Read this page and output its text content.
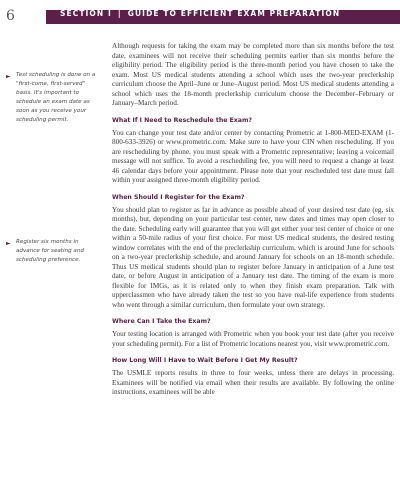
6	SECTION I | GUIDE TO EFFICIENT EXAM PREPARATION
► Test scheduling is done on a "first-come, first-served" basis. It's important to schedule an exam date as soon as you receive your scheduling permit.
► Register six months in advance for seating and scheduling preference.

Although requests for taking the exam may be completed more than six months before the test date, examinees will not receive their scheduling permits earlier than six months before the eligibility period. The eligibility period is the three-month period you have chosen to take the exam. Most US medical students attending a school which uses the two-year preclerkship curriculum choose the April–June or June–August period. Most US medical students attending a school which uses the 18-month preclerkship curriculum choose the December–February or January–March period.

What If I Need to Reschedule the Exam?

You can change your test date and/or center by contacting Prometric at 1-800-MED-EXAM (1-800-633-3926) or www.prometric.com. Make sure to have your CIN when rescheduling. If you are rescheduling by phone, you must speak with a Prometric representative; leaving a voicemail message will not suffice. To avoid a rescheduling fee, you will need to request a change at least 46 calendar days before your appointment. Please note that your rescheduled test date must fall within your assigned three-month eligibility period.

When Should I Register for the Exam?

You should plan to register as far in advance as possible ahead of your desired test date (eg, six months), but, depending on your particular test center, new dates and times may open closer to the date. Scheduling early will guarantee that you will get either your test center of choice or one within a 50-mile radius of your first choice. For most US medical students, the desired testing window correlates with the end of the preclerkship curriculum, which is around June for schools on a two-year preclerkship schedule, and around January for schools on an 18-month schedule. Thus US medical students should plan to register before January in anticipation of a June test date, or before August in anticipation of a January test date. The timing of the exam is more flexible for IMGs, as it is related only to when they finish exam preparation. Talk with upperclassmen who have already taken the test so you have real-life experience from students who went through a similar curriculum, then formulate your own strategy.

Where Can I Take the Exam?

Your testing location is arranged with Prometric when you book your test date (after you receive your scheduling permit). For a list of Prometric locations nearest you, visit www.prometric.com.

How Long Will I Have to Wait Before I Get My Result?

The USMLE reports results in three to four weeks, unless there are delays in processing. Examinees will be notified via email when their results are available. By following the online instructions, examinees will be able
